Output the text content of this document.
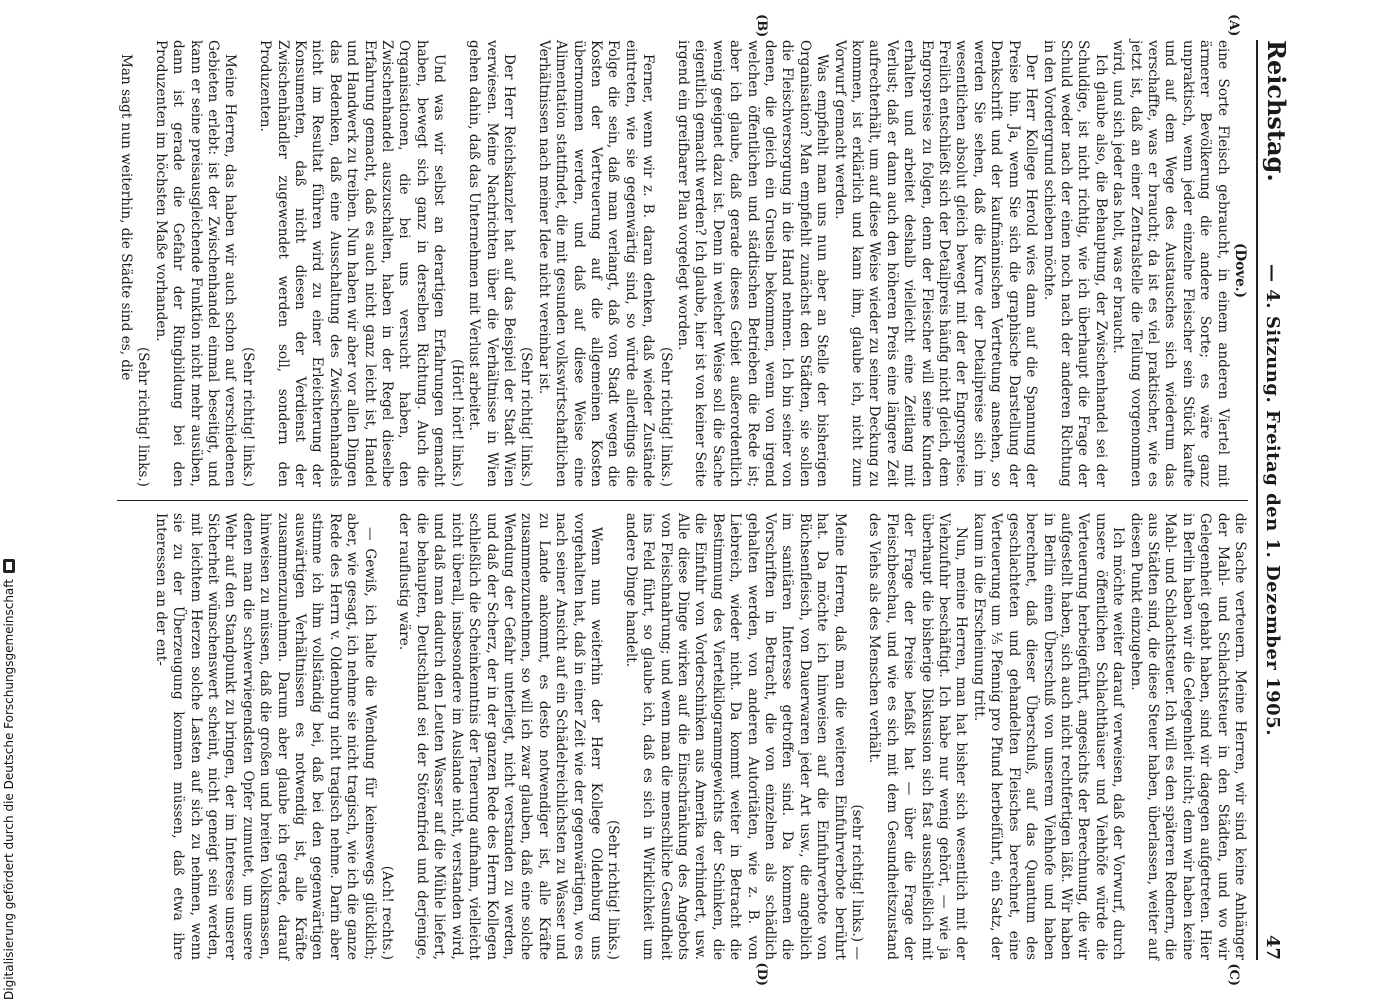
Reichstag.
— 4. Sitzung. Freitag den 1. Dezember 1905.
47
(A)
(B)

(Dove.)

eine Sorte Fleisch gebraucht, in einem anderen Viertel mit ärmerer Bevölkerung die andere Sorte; es wäre ganz unpraktisch, wenn jeder einzelne Fleischer sein Stück kaufte und auf dem Wege des Austausches sich wiederum das verschaffte, was er braucht; da ist es viel praktischer, wie es jetzt ist, daß an einer Zentralstelle die Teilung vorgenommen wird, und sich jeder das holt, was er braucht.

Ich glaube also, die Behauptung, der Zwischenhandel sei der Schuldige, ist nicht richtig, wie ich überhaupt die Frage der Schuld weder nach der einen noch nach der anderen Richtung in den Vordergrund schieben möchte.

Der Herr Kollege Herold wies dann auf die Spannung der Preise hin. Ja, wenn Sie sich die graphische Darstellung der Denkschrift und der kaufmännischen Vertretung ansehen, so werden Sie sehen, daß die Kurve der Detailpreise sich im wesentlichen absolut gleich bewegt mit der der Engrospreise. Freilich entschließt sich der Detailpreis häufig nicht gleich, dem Engrospreise zu folgen, denn der Fleischer will seine Kunden erhalten und arbeitet deshalb vielleicht eine Zeitlang mit Verlust; daß er dann auch den höheren Preis eine längere Zeit aufrechterhält, um auf diese Weise wieder zu seiner Deckung zu kommen, ist erklärlich und kann ihm, glaube ich, nicht zum Vorwurf gemacht werden.

Was empfiehlt man uns nun aber an Stelle der bisherigen Organisation? Man empfiehlt zunächst den Städten, sie sollen die Fleischversorgung in die Hand nehmen. Ich bin seiner von denen, die gleich ein Gruseln bekommen, wenn von irgend welchen öffentlichen und städtischen Betrieben die Rede ist; aber ich glaube, daß gerade dieses Gebiet außerordentlich wenig geeignet dazu ist. Denn in welcher Weise soll die Sache eigentlich gemacht werden? Ich glaube, hier ist von keiner Seite irgend ein greifbarer Plan vorgelegt worden.

(Sehr richtig! links.)

Ferner, wenn wir z. B. daran denken, daß wieder Zustände eintreten, wie sie gegenwärtig sind, so würde allerdings die Folge die sein, daß man verlangt, daß von Stadt wegen die Kosten der Vertreuerung auf die allgemeinen Kosten übernommen werden, und daß auf diese Weise eine Alimentation stattfindet, die mit gesunden volkswirtschaftlichen Verhältnissen nach meiner Idee nicht vereinbar ist.

(Sehr richtig! links.)

Der Herr Reichskanzler hat auf das Beispiel der Stadt Wien verwiesen. Meine Nachrichten über die Verhältnisse in Wien gehen dahin, daß das Unternehmen mit Verlust arbeitet.

(Hört! hört! links.)

Und was wir selbst an derartigen Erfahrungen gemacht haben, bewegt sich ganz in derselben Richtung. Auch die Organisationen, die bei uns versucht haben, den Zwischenhandel auszuschalten, haben in der Regel dieselbe Erfahrung gemacht, daß es auch nicht ganz leicht ist, Handel und Handwerk zu treiben. Nun haben wir aber vor allen Dingen das Bedenken, daß eine Ausschaltung des Zwischenhandels nicht im Resultat führen wird zu einer Erleichterung der Konsumenten, daß nicht diesen der Verdienst der Zwischenhändler zugewendet werden soll, sondern den Produzenten.

(Sehr richtig! links.)

Meine Herren, das haben wir auch schon auf verschiedenen Gebieten erlebt: ist der Zwischenhandel einmal beseitigt, und kann er seine preisausgleichende Funktion nicht mehr ausüben, dann ist gerade die Gefahr der Ringbildung bei den Produzenten im höchsten Maße vorhanden.

(Sehr richtig! links.)

Man sagt nun weiterhin, die Städte sind es, die

(C)
(D)

die Sache verteuern. Meine Herren, wir sind keine Anhänger der Mahl- und Schlachtsteuer in den Städten, und wo wir Gelegenheit gehabt haben, sind wir dagegen aufgetreten. Hier in Berlin haben wir die Gelegenheit nicht; denn wir haben keine Mahl- und Schlachtsteuer. Ich will es den späteren Rednern, die aus Städten sind, die diese Steuer haben, überlassen, weiter auf diesen Punkt einzugehen.

Ich möchte weiter darauf verweisen, daß der Vorwurf, durch unsere öffentlichen Schlachthäuser und Viehhöfe würde die Verteuerung herbeigeführt, angesichts der Berechnung, die wir aufgestellt haben, sich auch nicht rechtfertigen läßt. Wir haben in Berlin einen Überschuß von unserem Viehhofe und haben berechnet, daß dieser Überschuß, auf das Quantum des geschlachteten und gehandelten Fleisches berechnet, eine Verteuerung um ⅕ Pfennig pro Pfund herbeiführt, ein Satz, der kaum in die Erscheinung tritt.

Nun, meine Herren, man hat bisher sich wesentlich mit der Viehzufuhr beschäftigt. Ich habe nur wenig gehört, — wie ja überhaupt die bisherige Diskussion sich fast ausschließlich mit der Frage der Preise befaßt hat — über die Frage der Fleischbeschau, und wie es sich mit dem Gesundheitszustand des Viehs als des Menschen verhält.

(sehr richtig! links.) —

Meine Herren, daß man die weiteren Einfuhrverbote berührt hat. Da möchte ich hinweisen auf die Einfuhrverbote von Büchsenfleisch, von Dauerwaren jeder Art usw., die angeblich im sanitären Interesse getroffen sind. Da kommen die Vorschriften in Betracht, die von einzelnen als schädlich gehalten werden, von anderen Autoritäten, wie z. B. von Liebreich, wieder nicht. Da kommt weiter in Betracht die Bestimmung des Viertelkilogrammgewichts der Schinken, die die Einfuhr von Vorderschinken aus Amerika verhindert, usw. Alle diese Dinge wirken auf die Einschränkung des Angebots von Fleischnahrung; und wenn man die menschliche Gesundheit ins Feld führt, so glaube ich, daß es sich in Wirklichkeit um andere Dinge handelt.

(Sehr richtig! links.)

Wenn nun weiterhin der Herr Kollege Oldenburg uns vorgehalten hat, daß in einer Zeit wie der gegenwärtigen, wo es nach seiner Ansicht auf ein Schädelreichlichsten zu Wasser und zu Lande ankommt, es desto notwendiger ist, alle Kräfte zusammenzunehmen, so will ich zwar glauben, daß eine solche Wendung der Gefahr unterliegt, nicht verstanden zu werden, und daß der Scherz, der in der ganzen Rede des Herrn Kollegen schließlich die Scheinkenntnis der Tenerung aufnahm, vielleicht nicht überall, insbesondere im Auslande nicht, verstanden wird, und daß man dadurch den Leuten Wasser auf die Mühle liefert, die behaupten, Deutschland sei der Störenfried und derjenige, der rauflustig wäre.

(Ach! rechts.)

— Gewiß, ich halte die Wendung für keineswegs glücklich; aber, wie gesagt, ich nehme sie nicht tragisch, wie ich die ganze Rede des Herrn v. Oldenburg nicht tragisch nehme. Darin aber stimme ich ihm vollständig bei, daß bei den gegenwärtigen auswärtigen Verhältnissen es notwendig ist, alle Kräfte zusammenzunehmen. Darum aber glaube ich gerade, darauf hinweisen zu müssen, daß die großen und breiten Volksmassen, denen man die schwerwiegendsten Opfer zumutet, um unsere Wehr auf den Standpunkt zu bringen, der im Interesse unserer Sicherheit wünschenswert scheint, nicht geneigt sein werden, mit leichtem Herzen solche Lasten auf sich zu nehmen, wenn sie zu der Überzeugung kommen müssen, daß etwa ihre Interessen an der ent-

Digitalisierung gefördert durch die Deutsche Forschungsgemeinschaft
